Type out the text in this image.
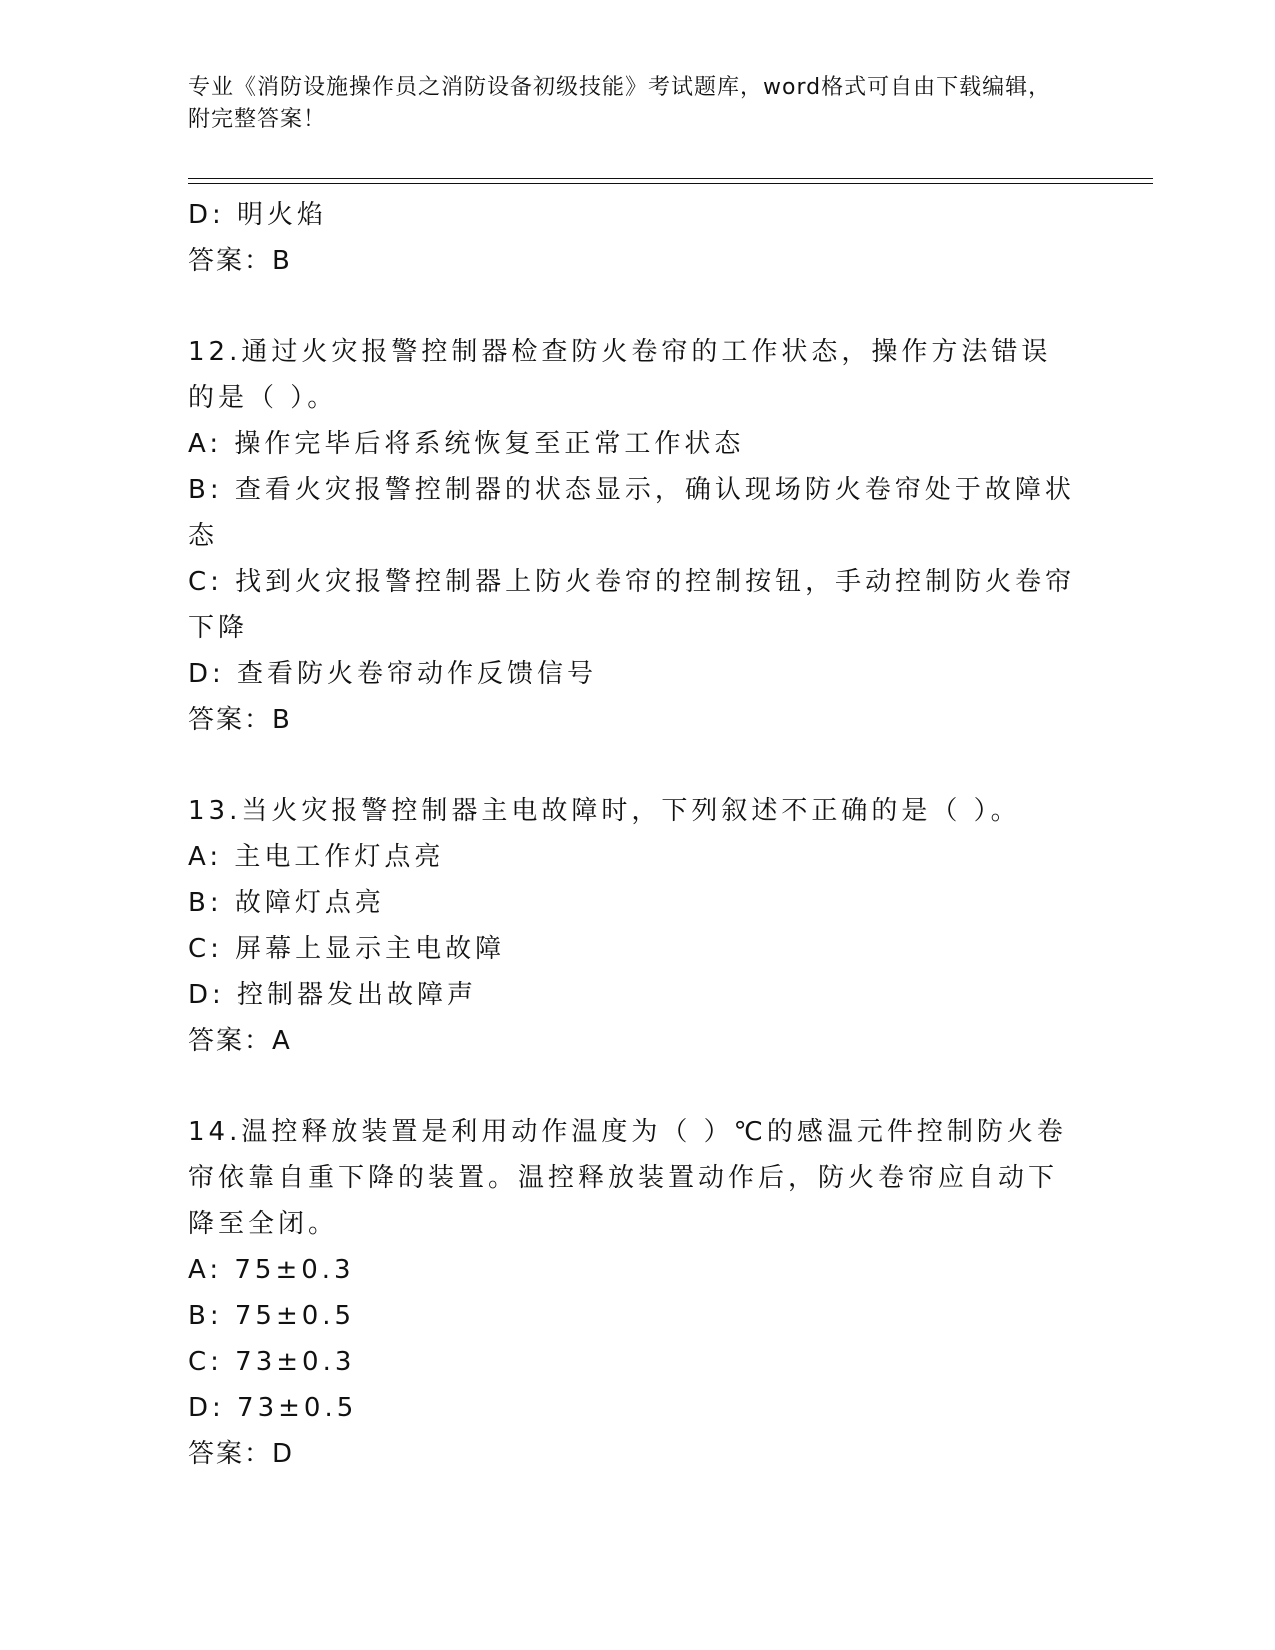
专业《消防设施操作员之消防设备初级技能》考试题库，word格式可自由下载编辑，附完整答案！
D: 明火焰
答案：B
12.通过火灾报警控制器检查防火卷帘的工作状态，操作方法错误的是（ ）。
A: 操作完毕后将系统恢复至正常工作状态
B: 查看火灾报警控制器的状态显示，确认现场防火卷帘处于故障状态
C: 找到火灾报警控制器上防火卷帘的控制按钮，手动控制防火卷帘下降
D: 查看防火卷帘动作反馈信号
答案：B
13.当火灾报警控制器主电故障时，下列叙述不正确的是（ ）。
A: 主电工作灯点亮
B: 故障灯点亮
C: 屏幕上显示主电故障
D: 控制器发出故障声
答案：A
14.温控释放装置是利用动作温度为（ ）℃的感温元件控制防火卷帘依靠自重下降的装置。温控释放装置动作后，防火卷帘应自动下降至全闭。
A: 75±0.3
B: 75±0.5
C: 73±0.3
D: 73±0.5
答案：D
